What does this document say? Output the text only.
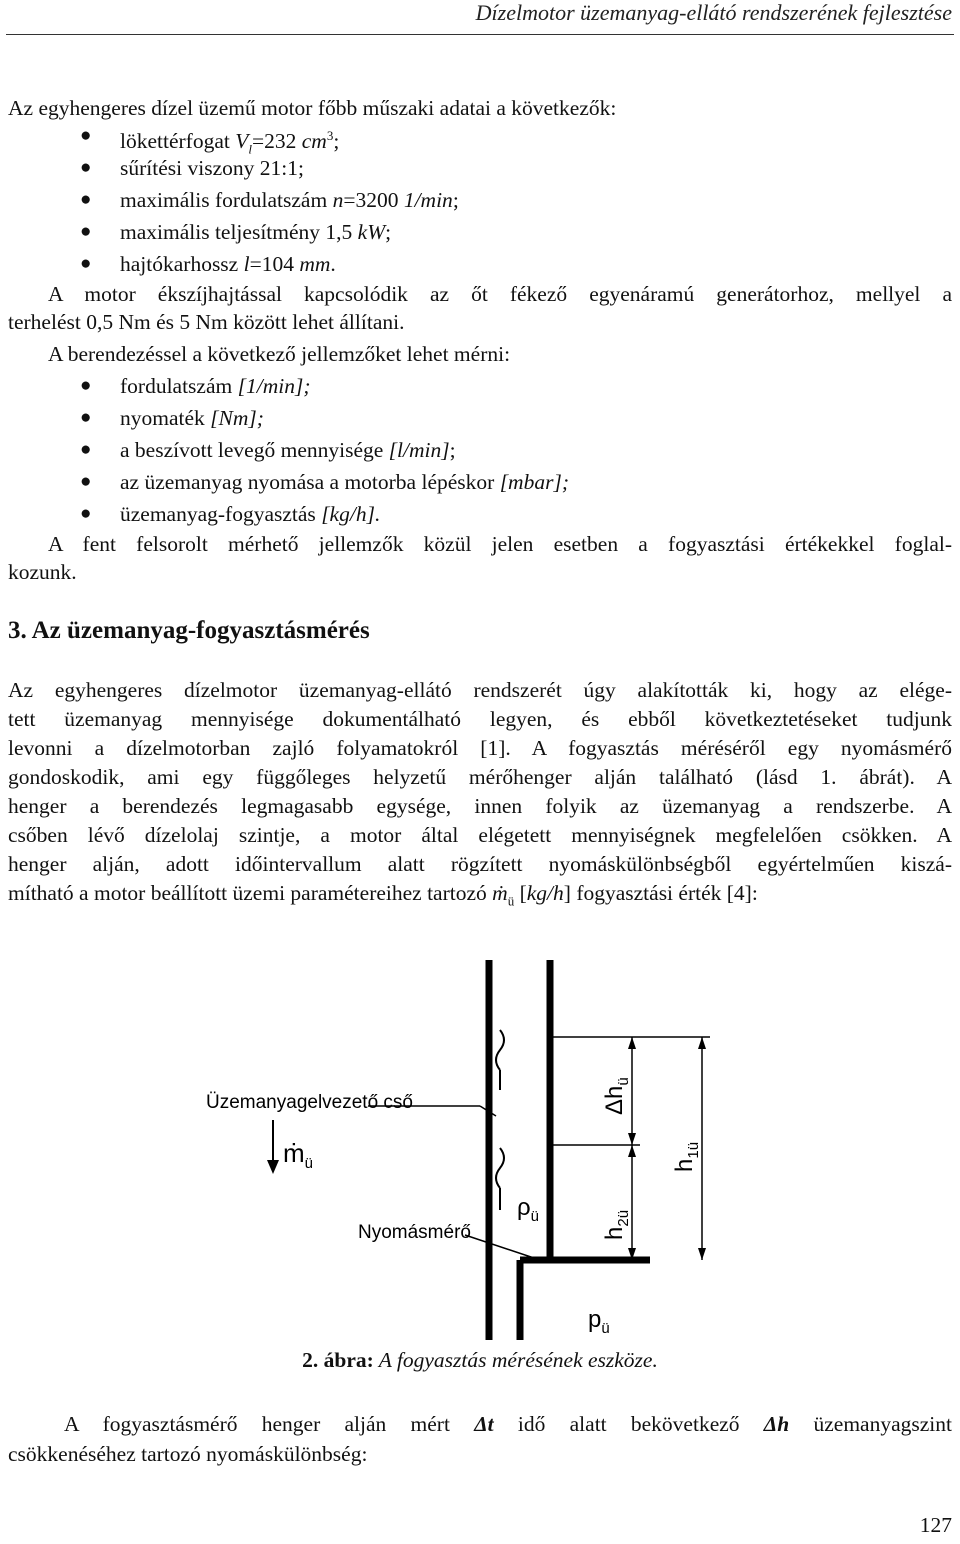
Dízelmotor üzemanyag-ellátó rendszerének fejlesztése
Az egyhengeres dízel üzemű motor főbb műszaki adatai a következők:
● lökettérfogat $V_l=232$ $cm^3$;
● sűrítési viszony 21:1;
● maximális fordulatszám n=3200 1/min;
● maximális teljesítmény 1,5 kW;
● hajtókarhossz l=104 mm.
A motor ékszíjhajtással kapcsolódik az őt fékező egyenáramú generátorhoz, mellyel a
terhelést 0,5 Nm és 5 Nm között lehet állítani.
A berendezéssel a következő jellemzőket lehet mérni:
● fordulatszám [1/min];
● nyomaték [Nm];
● a beszívott levegő mennyisége [l/min];
● az üzemanyag nyomása a motorba lépéskor [mbar];
● üzemanyag-fogyasztás [kg/h].
A fent felsorolt mérhető jellemzők közül jelen esetben a fogyasztási értékekkel foglal-
kozunk.
3. Az üzemanyag-fogyasztásmérés
Az egyhengeres dízelmotor üzemanyag-ellátó rendszerét úgy alakították ki, hogy az elége-
tett üzemanyag mennyisége dokumentálható legyen, és ebből következtetéseket tudjunk
levonni a dízelmotorban zajló folyamatokról [1]. A fogyasztás méréséről egy nyomásmérő
gondoskodik, ami egy függőleges helyzetű mérőhenger alján található (lásd 1. ábrát). A
henger a berendezés legmagasabb egysége, innen folyik az üzemanyag a rendszerbe. A
csőben lévő dízelolaj szintje, a motor által elégetett mennyiségnek megfelelően csökken. A
henger alján, adott időintervallum alatt rögzített nyomáskülönbségből egyértelműen kiszá-
mítható a motor beállított üzemi paramétereihez tartozó ṁ$_ü$ [kg/h] fogyasztási érték [4]:
Üzemanyagelvezető cső
ṁ$_ü$
$\rho_ü$
Nyomásmérő
$p_ü$
$\Delta h_ü$
$h_{1ü}$
$h_{2ü}$
2. ábra: A fogyasztás mérésének eszköze.
A fogyasztásmérő henger alján mért Δt idő alatt bekövetkező Δh üzemanyagszint
csökkenéséhez tartozó nyomáskülönbség:
127
